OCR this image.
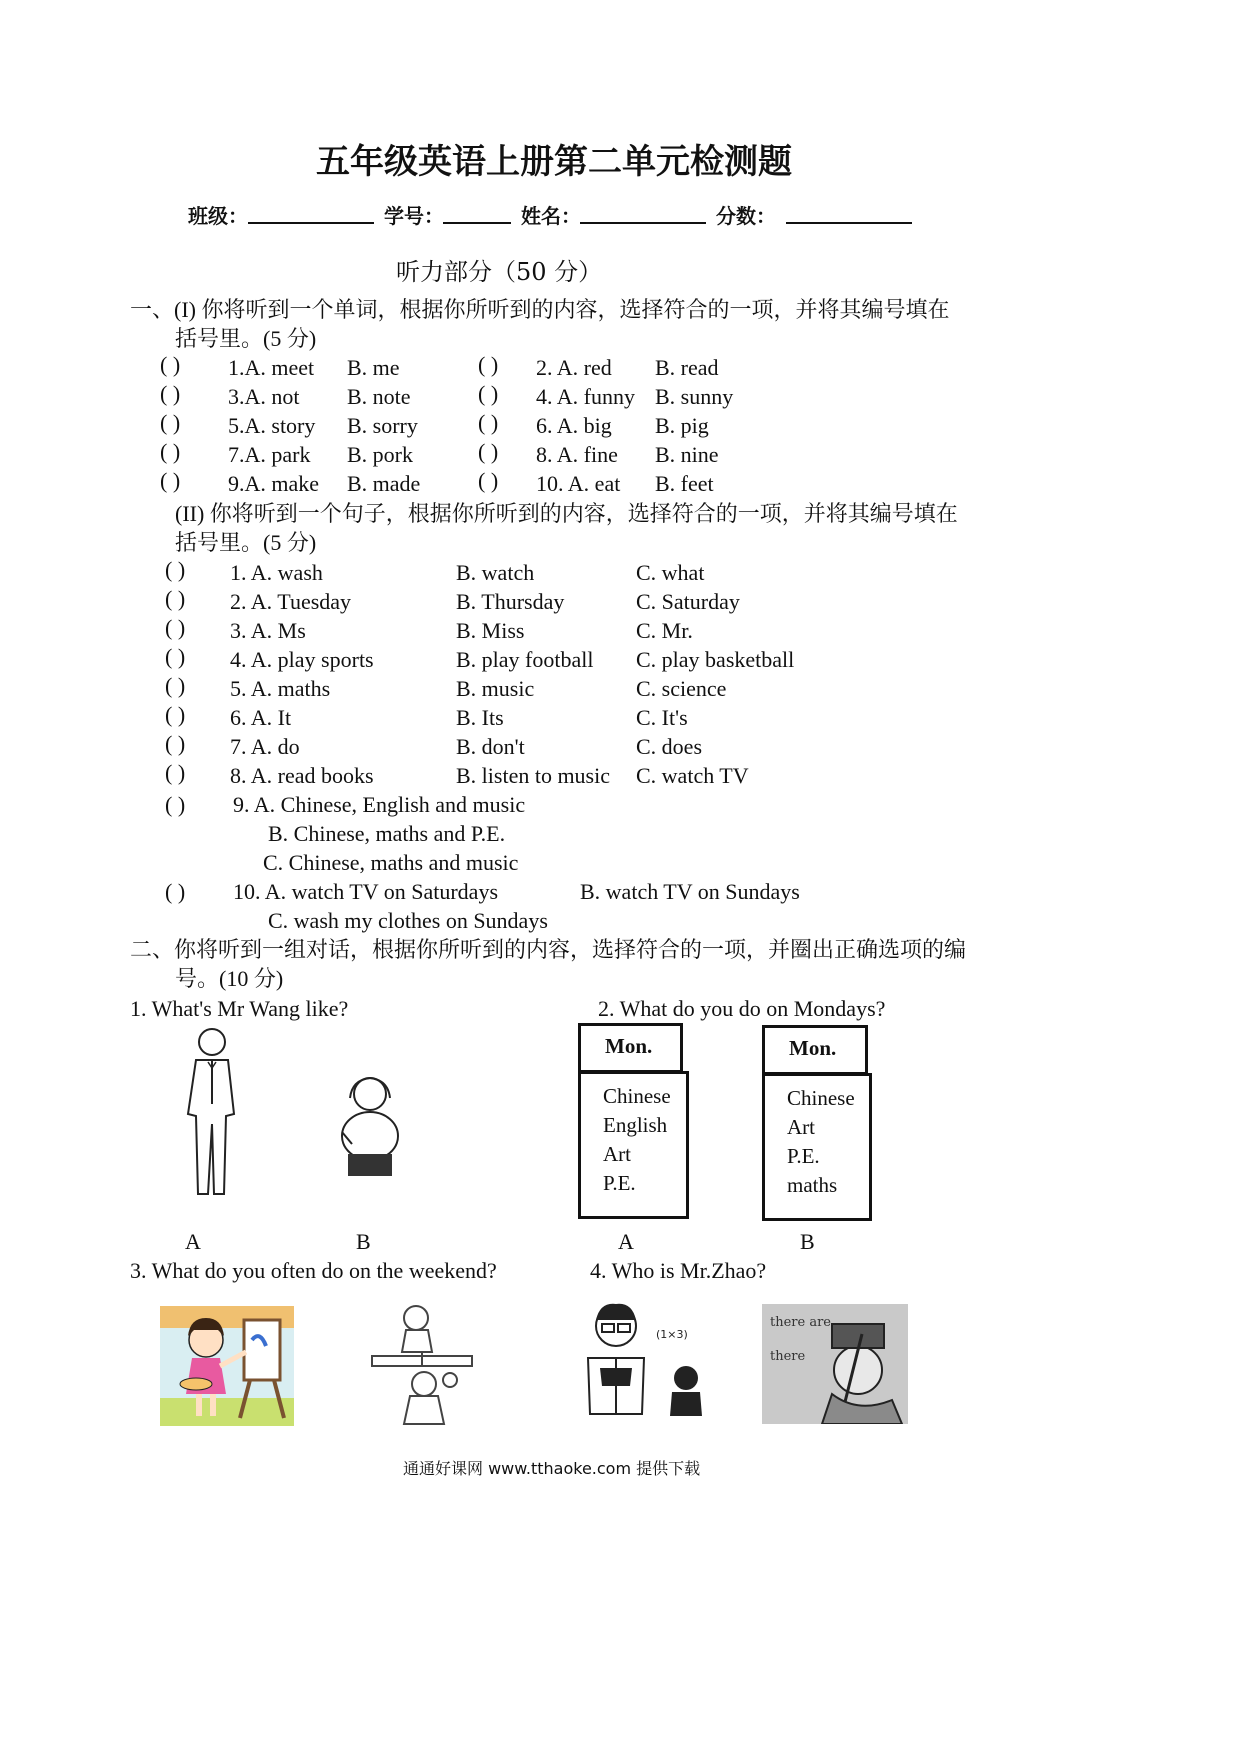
五年级英语上册第二单元检测题
班级：	学号：	姓名：	分数：
听力部分（50 分）
一、(I) 你将听到一个单词，根据你所听到的内容，选择符合的一项，并将其编号填在
括号里。(5 分)
( ) 1.A. meet B. me	( ) 2. A. red B. read
( ) 3.A. not B. note	( ) 4. A. funny B. sunny
( ) 5.A. story B. sorry	( ) 6. A. big B. pig
( ) 7.A. park B. pork	( ) 8. A. fine B. nine
( ) 9.A. make B. made	( ) 10. A. eat B. feet
(II) 你将听到一个句子，根据你所听到的内容，选择符合的一项，并将其编号填在
括号里。(5 分)
( ) 1. A. wash	B. watch	C. what
( ) 2. A. Tuesday	B. Thursday	C. Saturday
( ) 3. A. Ms	B. Miss	C. Mr.
( ) 4. A. play sports	B. play football C. play basketball
( ) 5. A. maths	B. music	C. science
( ) 6. A. It	B. Its	C. It's
( ) 7. A. do	B. don't	C. does
( ) 8. A. read books	B. listen to music C. watch TV
( ) 9. A. Chinese, English and music
B. Chinese, maths and P.E.
C. Chinese, maths and music
( ) 10. A. watch TV on Saturdays	B. watch TV on Sundays
C. wash my clothes on Sundays
二、你将听到一组对话，根据你所听到的内容，选择符合的一项，并圈出正确选项的编
号。(10 分)
1. What's Mr Wang like?	2. What do you do on Mondays?
A	B
Mon.
Chinese
English
Art
P.E.
Mon.
Chinese
Art
P.E.
maths
A	B
3. What do you often do on the weekend?	4. Who is Mr.Zhao?
(1×3)
there are
there
通通好课网 www.tthaoke.com 提供下载
